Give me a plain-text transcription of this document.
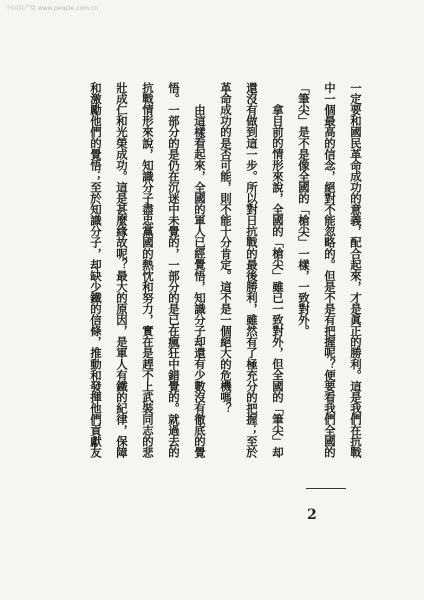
中国共产党 www.people.com.cn
一定要和國民革命成功的意義，配合起來，才是眞正的勝利。這是我們在抗戰
中一個最高的信念，絕對不能忽略的。但是不是有把握呢？便要看我們全國的
「筆尖」是不是像全國的「槍尖」一樣，一致對外。
拿目前的情形來說，全國的「槍尖」雖已一致對外，但全國的「筆尖」却
還沒有做到這一步。所以對日抗戰的最後勝利，雖然有了極充分的把握；至於
革命成功的是否可能，則不能十分肯定。這不是一個絕大的危機嗎？
由這樣看起來，全國的軍人已經覺悟，知識分子却還有少數沒有徹底的覺
悟。一部分的是仍在沉迷中未覺的，一部分的是已在瘋狂中錯覺的。就過去的
抗戰情形來說，知識分子盡忠黨國的熱忱和努力，實在是趕不上武裝同志的悲
壯成仁和光榮成功。這是甚麼緣故呢？最大的原因，是軍人有鐵的紀律，保障
和激勵他們的覺悟；至於知識分子，却缺少鐵的信條，推動和發揮他們貢獻友
2
